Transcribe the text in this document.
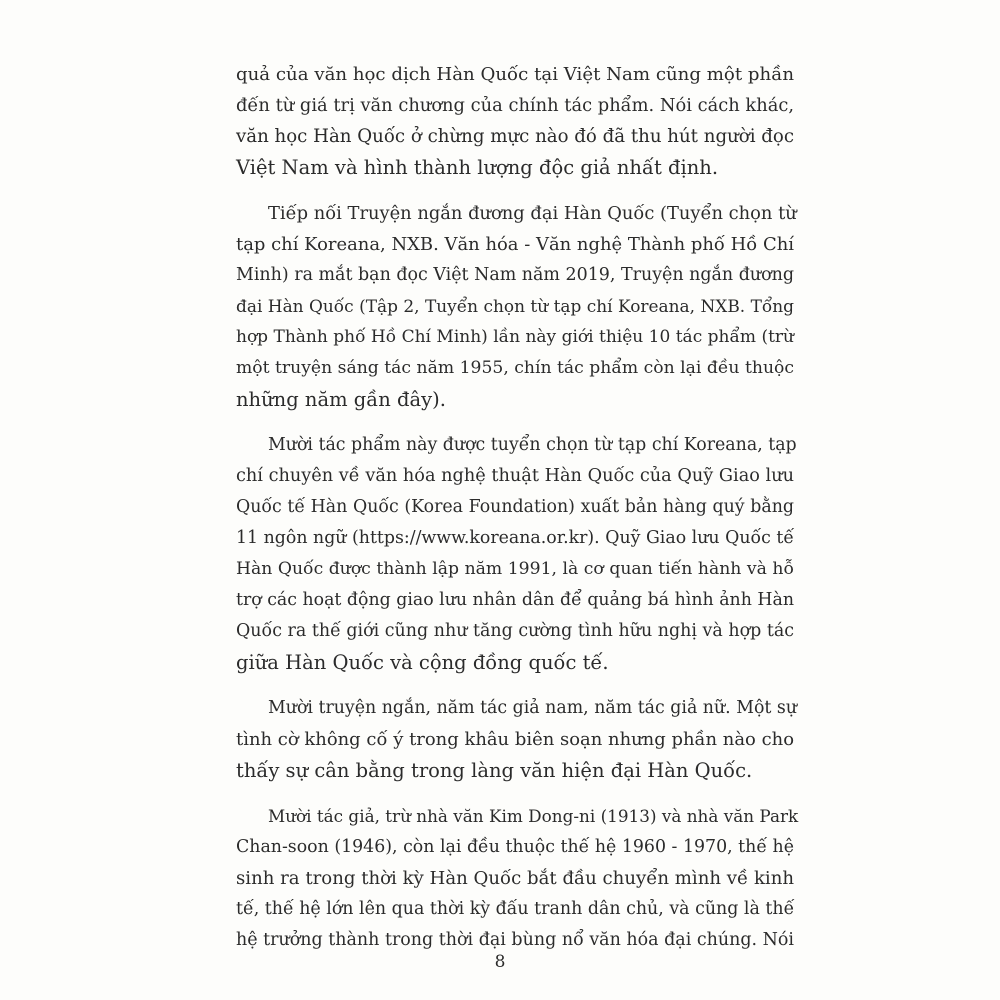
quả của văn học dịch Hàn Quốc tại Việt Nam cũng một phần
đến từ giá trị văn chương của chính tác phẩm. Nói cách khác,
văn học Hàn Quốc ở chừng mực nào đó đã thu hút người đọc
Việt Nam và hình thành lượng độc giả nhất định.

Tiếp nối Truyện ngắn đương đại Hàn Quốc (Tuyển chọn từ
tạp chí Koreana, NXB. Văn hóa - Văn nghệ Thành phố Hồ Chí
Minh) ra mắt bạn đọc Việt Nam năm 2019, Truyện ngắn đương
đại Hàn Quốc (Tập 2, Tuyển chọn từ tạp chí Koreana, NXB. Tổng
hợp Thành phố Hồ Chí Minh) lần này giới thiệu 10 tác phẩm (trừ
một truyện sáng tác năm 1955, chín tác phẩm còn lại đều thuộc
những năm gần đây).

Mười tác phẩm này được tuyển chọn từ tạp chí Koreana, tạp
chí chuyên về văn hóa nghệ thuật Hàn Quốc của Quỹ Giao lưu
Quốc tế Hàn Quốc (Korea Foundation) xuất bản hàng quý bằng
11 ngôn ngữ (https://www.koreana.or.kr). Quỹ Giao lưu Quốc tế
Hàn Quốc được thành lập năm 1991, là cơ quan tiến hành và hỗ
trợ các hoạt động giao lưu nhân dân để quảng bá hình ảnh Hàn
Quốc ra thế giới cũng như tăng cường tình hữu nghị và hợp tác
giữa Hàn Quốc và cộng đồng quốc tế.

Mười truyện ngắn, năm tác giả nam, năm tác giả nữ. Một sự
tình cờ không cố ý trong khâu biên soạn nhưng phần nào cho
thấy sự cân bằng trong làng văn hiện đại Hàn Quốc.

Mười tác giả, trừ nhà văn Kim Dong-ni (1913) và nhà văn Park
Chan-soon (1946), còn lại đều thuộc thế hệ 1960 - 1970, thế hệ
sinh ra trong thời kỳ Hàn Quốc bắt đầu chuyển mình về kinh
tế, thế hệ lớn lên qua thời kỳ đấu tranh dân chủ, và cũng là thế
hệ trưởng thành trong thời đại bùng nổ văn hóa đại chúng. Nói

8
